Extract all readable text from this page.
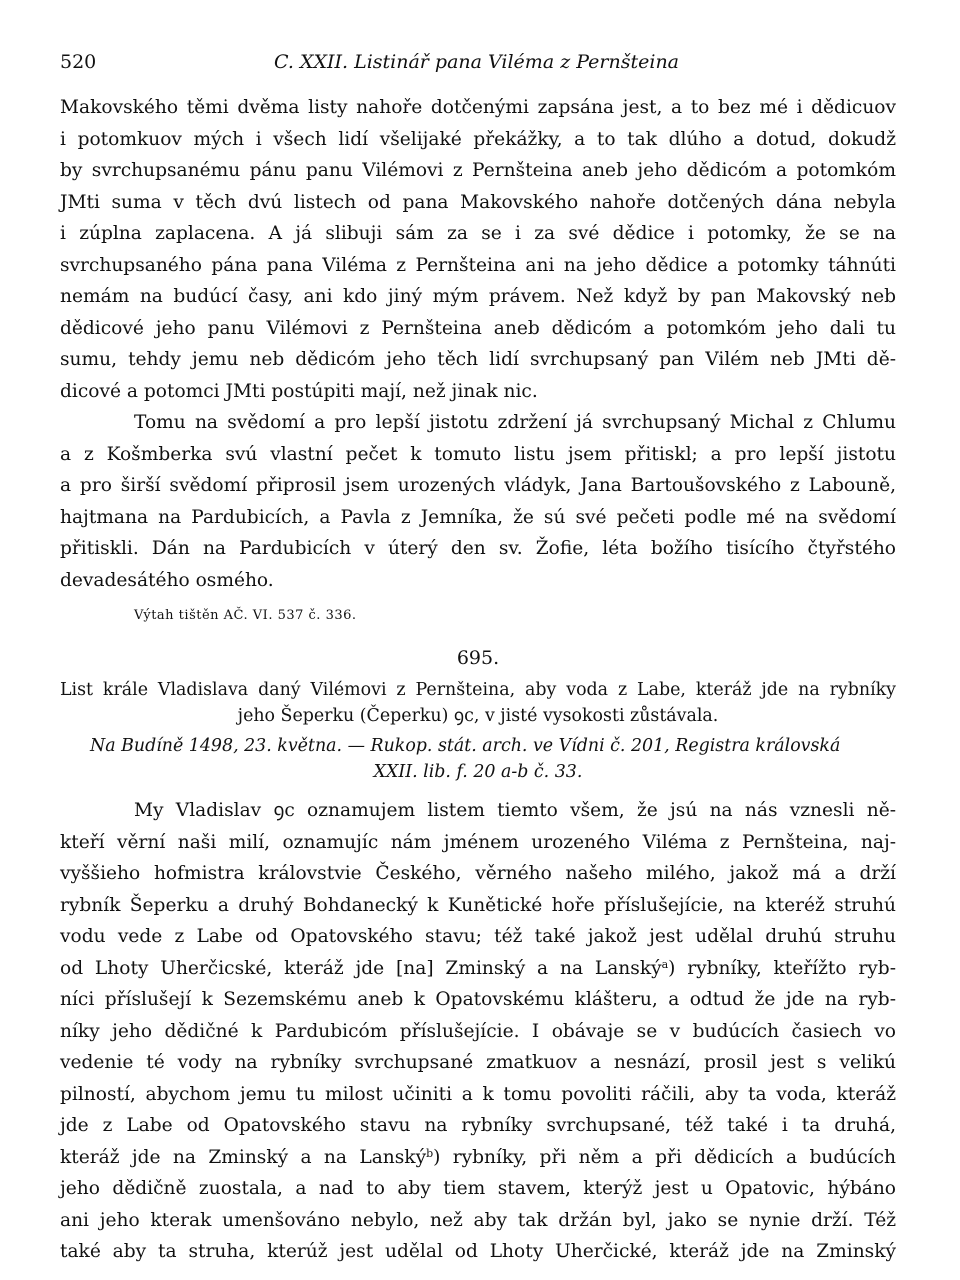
520	C. XXII. Listinář pana Viléma z Pernšteina
Makovského těmi dvěma listy nahoře dotčenými zapsána jest, a to bez mé i dědicuov
i potomkuov mých i všech lidí všelijaké překážky, a to tak dlúho a dotud, dokudž
by svrchupsanému pánu panu Vilémovi z Pernšteina aneb jeho dědicóm a potomkóm
JMti suma v těch dvú listech od pana Makovského nahoře dotčených dána nebyla
i zúplna zaplacena. A já slibuji sám za se i za své dědice i potomky, že se na
svrchupsaného pána pana Viléma z Pernšteina ani na jeho dědice a potomky táhnúti
nemám na budúcí časy, ani kdo jiný mým právem. Než když by pan Makovský neb
dědicové jeho panu Vilémovi z Pernšteina aneb dědicóm a potomkóm jeho dali tu
sumu, tehdy jemu neb dědicóm jeho těch lidí svrchupsaný pan Vilém neb JMti dě-
dicové a potomci JMti postúpiti mají, než jinak nic.
Tomu na svědomí a pro lepší jistotu zdržení já svrchupsaný Michal z Chlumu
a z Košmberka svú vlastní pečet k tomuto listu jsem přitiskl; a pro lepší jistotu
a pro širší svědomí připrosil jsem urozených vládyk, Jana Bartoušovského z Labouně,
hajtmana na Pardubicích, a Pavla z Jemníka, že sú své pečeti podle mé na svědomí
přitiskli. Dán na Pardubicích v úterý den sv. Žofie, léta božího tisícího čtyřstého
devadesátého osmého.
Výtah tištěn AČ. VI. 537 č. 336.
695.
List krále Vladislava daný Vilémovi z Pernšteina, aby voda z Labe, kteráž jde na rybníky
jeho Šeperku (Čeperku) ꝯc, v jisté vysokosti zůstávala.
Na Budíně 1498, 23. května. — Rukop. stát. arch. ve Vídni č. 201, Registra královská
XXII. lib. f. 20 a-b č. 33.
My Vladislav ꝯc oznamujem listem tiemto všem, že jsú na nás vznesli ně-
kteří věrní naši milí, oznamujíc nám jménem urozeného Viléma z Pernšteina, naj-
vyššieho hofmistra královstvie Českého, věrného našeho milého, jakož má a drží
rybník Šeperku a druhý Bohdanecký k Kunětické hoře příslušejície, na kteréž struhú
vodu vede z Labe od Opatovského stavu; též také jakož jest udělal druhú struhu
od Lhoty Uherčicské, kteráž jde [na] Zminský a na Lanský$^a$) rybníky, kteřížto ryb-
níci příslušejí k Sezemskému aneb k Opatovskému klášteru, a odtud že jde na ryb-
níky jeho dědičné k Pardubicóm příslušejície. I obávaje se v budúcích časiech vo
vedenie té vody na rybníky svrchupsané zmatkuov a nesnází, prosil jest s velikú
pilností, abychom jemu tu milost učiniti a k tomu povoliti ráčili, aby ta voda, kteráž
jde z Labe od Opatovského stavu na rybníky svrchupsané, též také i ta druhá,
kteráž jde na Zminský a na Lanský$^b$) rybníky, při něm a při dědicích a budúcích
jeho dědičně zuostala, a nad to aby tiem stavem, kterýž jest u Opatovic, hýbáno
ani jeho kterak umenšováno nebylo, než aby tak držán byl, jako se nynie drží. Též
také aby ta struha, kterúž jest udělal od Lhoty Uherčické, kteráž jde na Zminský
